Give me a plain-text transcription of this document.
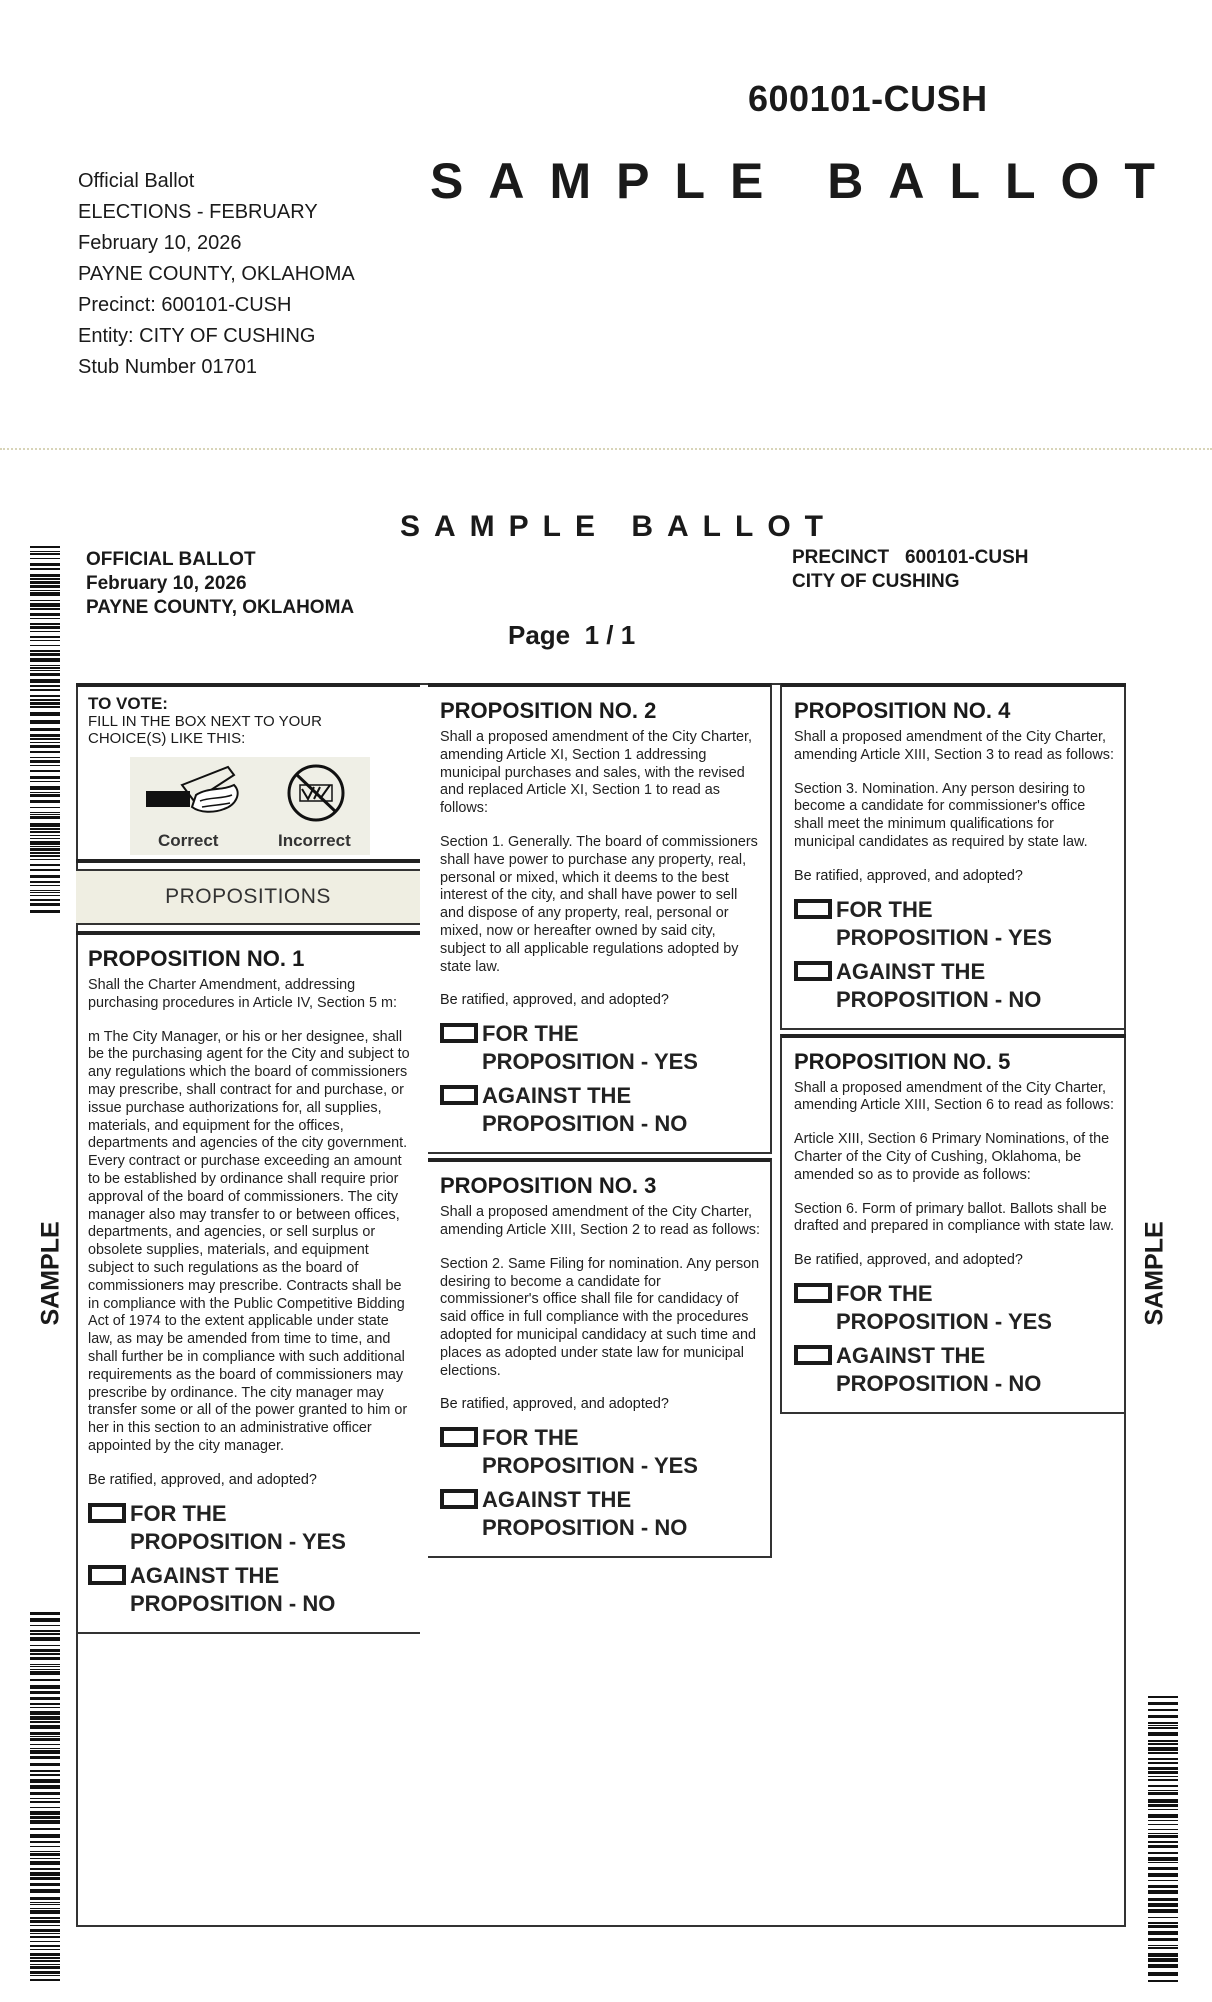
600101-CUSH
SAMPLE BALLOT
Official Ballot
ELECTIONS - FEBRUARY
February 10, 2026
PAYNE COUNTY, OKLAHOMA
Precinct: 600101-CUSH
Entity: CITY OF CUSHING
Stub Number 01701
SAMPLE BALLOT
OFFICIAL BALLOT
February 10, 2026
PAYNE COUNTY, OKLAHOMA
PRECINCT   600101-CUSH
CITY OF CUSHING
Page  1 / 1
SAMPLE	SAMPLE
TO VOTE:
FILL IN THE BOX NEXT TO YOUR CHOICE(S) LIKE THIS:
Correct	Incorrect
PROPOSITIONS
PROPOSITION NO. 1

Shall the Charter Amendment, addressing purchasing procedures in Article IV, Section 5 m:

m The City Manager, or his or her designee, shall be the purchasing agent for the City and subject to any regulations which the board of commissioners may prescribe, shall contract for and purchase, or issue purchase authorizations for, all supplies, materials, and equipment for the offices, departments and agencies of the city government. Every contract or purchase exceeding an amount to be established by ordinance shall require prior approval of the board of commissioners. The city manager also may transfer to or between offices, departments, and agencies, or sell surplus or obsolete supplies, materials, and equipment subject to such regulations as the board of commissioners may prescribe. Contracts shall be in compliance with the Public Competitive Bidding Act of 1974 to the extent applicable under state law, as may be amended from time to time, and shall further be in compliance with such additional requirements as the board of commissioners may prescribe by ordinance. The city manager may transfer some or all of the power granted to him or her in this section to an administrative officer appointed by the city manager.

Be ratified, approved, and adopted?
FOR THE
PROPOSITION - YES
AGAINST THE
PROPOSITION - NO
PROPOSITION NO. 2

Shall a proposed amendment of the City Charter, amending Article XI, Section 1 addressing municipal purchases and sales, with the revised and replaced Article XI, Section 1 to read as follows:

Section 1. Generally. The board of commissioners shall have power to purchase any property, real, personal or mixed, which it deems to the best interest of the city, and shall have power to sell and dispose of any property, real, personal or mixed, now or hereafter owned by said city, subject to all applicable regulations adopted by state law.

Be ratified, approved, and adopted?
FOR THE
PROPOSITION - YES
AGAINST THE
PROPOSITION - NO
PROPOSITION NO. 3

Shall a proposed amendment of the City Charter, amending Article XIII, Section 2 to read as follows:

Section 2. Same Filing for nomination. Any person desiring to become a candidate for commissioner's office shall file for candidacy of said office in full compliance with the procedures adopted for municipal candidacy at such time and places as adopted under state law for municipal elections.

Be ratified, approved, and adopted?
FOR THE
PROPOSITION - YES
AGAINST THE
PROPOSITION - NO
PROPOSITION NO. 4

Shall a proposed amendment of the City Charter, amending Article XIII, Section 3 to read as follows:

Section 3. Nomination. Any person desiring to become a candidate for commissioner's office shall meet the minimum qualifications for municipal candidates as required by state law.

Be ratified, approved, and adopted?
FOR THE
PROPOSITION - YES
AGAINST THE
PROPOSITION - NO
PROPOSITION NO. 5

Shall a proposed amendment of the City Charter, amending Article XIII, Section 6 to read as follows:

Article XIII, Section 6 Primary Nominations, of the Charter of the City of Cushing, Oklahoma, be amended so as to provide as follows:

Section 6. Form of primary ballot. Ballots shall be drafted and prepared in compliance with state law.

Be ratified, approved, and adopted?
FOR THE
PROPOSITION - YES
AGAINST THE
PROPOSITION - NO
